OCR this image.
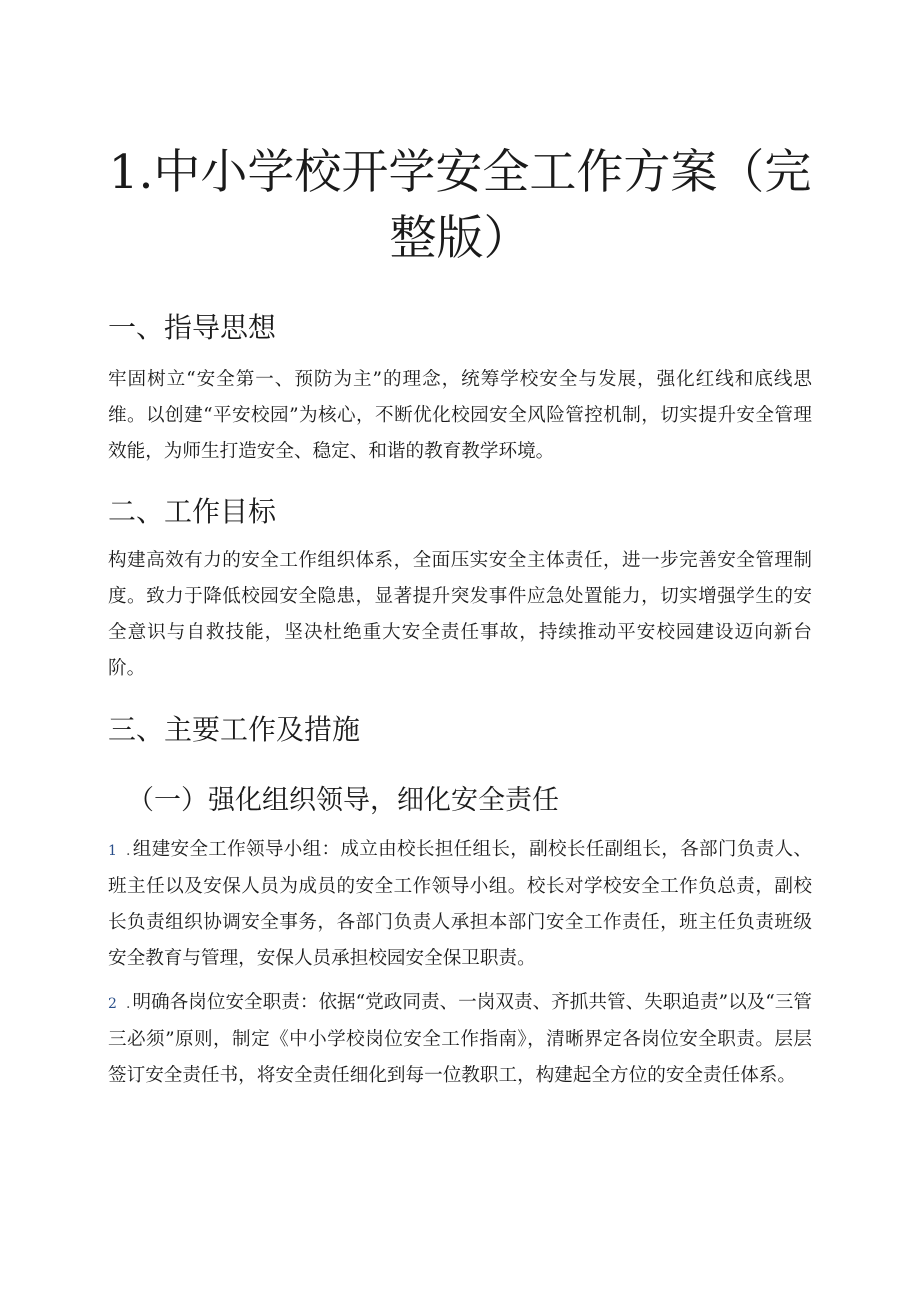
1.中小学校开学安全工作方案（完整版）
一、指导思想

牢固树立“安全第一、预防为主”的理念，统筹学校安全与发展，强化红线和底线思维。以创建“平安校园”为核心，不断优化校园安全风险管控机制，切实提升安全管理效能，为师生打造安全、稳定、和谐的教育教学环境。

二、工作目标

构建高效有力的安全工作组织体系，全面压实安全主体责任，进一步完善安全管理制度。致力于降低校园安全隐患，显著提升突发事件应急处置能力，切实增强学生的安全意识与自救技能，坚决杜绝重大安全责任事故，持续推动平安校园建设迈向新台阶。

三、主要工作及措施
（一）强化组织领导，细化安全责任
1 . 组建安全工作领导小组：成立由校长担任组长，副校长任副组长，各部门负责人、班主任以及安保人员为成员的安全工作领导小组。校长对学校安全工作负总责，副校长负责组织协调安全事务，各部门负责人承担本部门安全工作责任，班主任负责班级安全教育与管理，安保人员承担校园安全保卫职责。
2 . 明确各岗位安全职责：依据“党政同责、一岗双责、齐抓共管、失职追责”以及“三管三必须”原则，制定《中小学校岗位安全工作指南》，清晰界定各岗位安全职责。层层签订安全责任书，将安全责任细化到每一位教职工，构建起全方位的安全责任体系。
